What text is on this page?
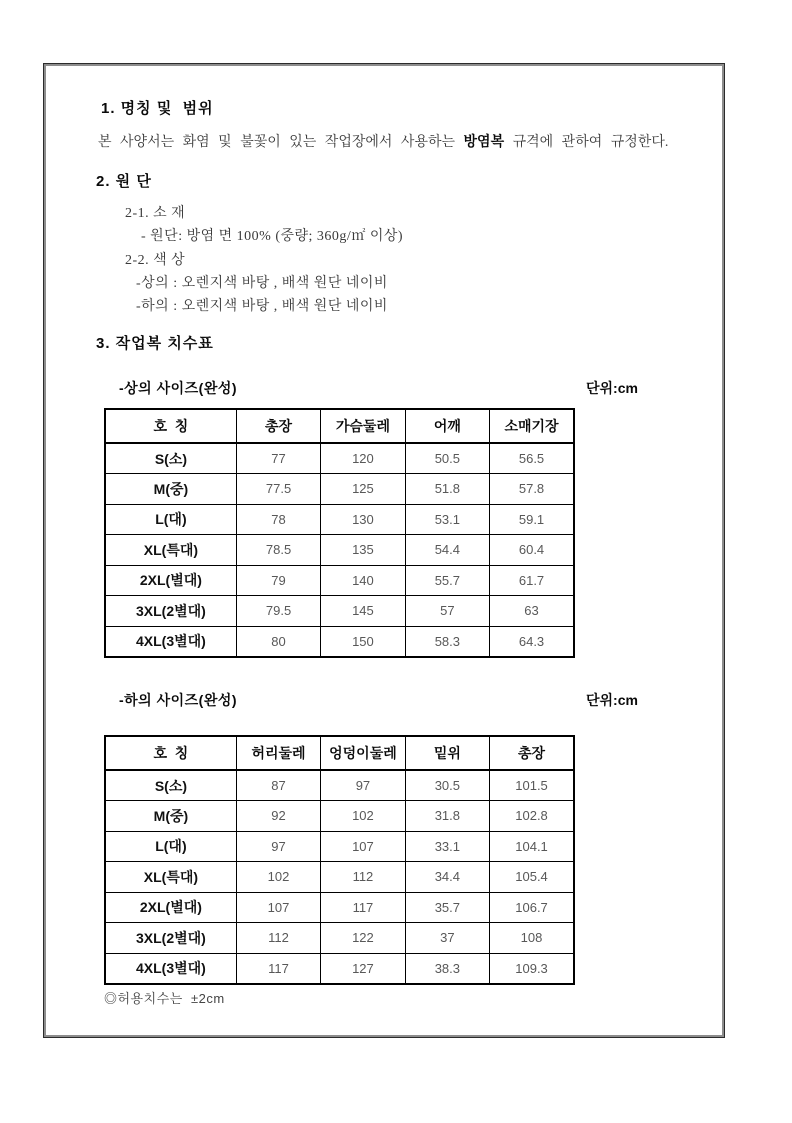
1. 명칭 및  범위
본 사양서는 화염 및 불꽃이 있는 작업장에서 사용하는 방염복 규격에 관하여 규정한다.
2. 원 단
2-1. 소 재
- 원단: 방염 면 100% (중량; 360g/㎡ 이상)
2-2. 색 상
-상의 : 오렌지색 바탕 , 배색 원단 네이비
-하의 : 오렌지색 바탕 , 배색 원단 네이비
3. 작업복 치수표
-상의 사이즈(완성)	단위:cm
호  칭	총장	가슴둘레	어깨	소매기장
S(소)	77	120	50.5	56.5
M(중)	77.5	125	51.8	57.8
L(대)	78	130	53.1	59.1
XL(특대)	78.5	135	54.4	60.4
2XL(별대)	79	140	55.7	61.7
3XL(2별대)	79.5	145	57	63
4XL(3별대)	80	150	58.3	64.3
-하의 사이즈(완성)	단위:cm
호  칭	허리둘레	엉덩이둘레	밑위	총장
S(소)	87	97	30.5	101.5
M(중)	92	102	31.8	102.8
L(대)	97	107	33.1	104.1
XL(특대)	102	112	34.4	105.4
2XL(별대)	107	117	35.7	106.7
3XL(2별대)	112	122	37	108
4XL(3별대)	117	127	38.3	109.3
◎허용치수는  ±2cm
